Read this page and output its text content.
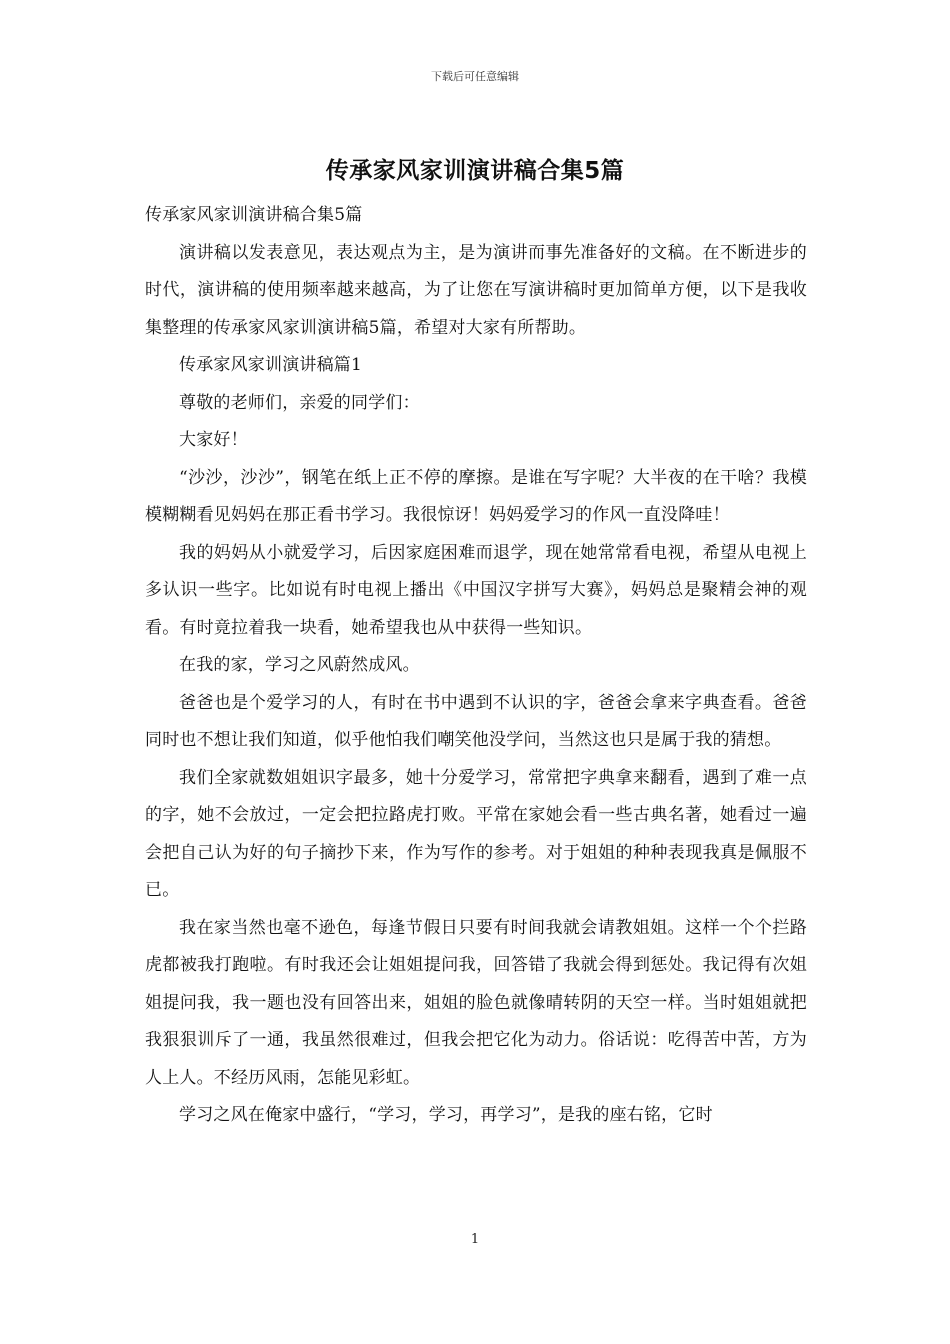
下载后可任意编辑
传承家风家训演讲稿合集5篇

传承家风家训演讲稿合集5篇

演讲稿以发表意见，表达观点为主，是为演讲而事先准备好的文稿。在不断进步的时代，演讲稿的使用频率越来越高，为了让您在写演讲稿时更加简单方便，以下是我收集整理的传承家风家训演讲稿5篇，希望对大家有所帮助。

传承家风家训演讲稿篇1

尊敬的老师们，亲爱的同学们：

大家好！

“沙沙，沙沙”，钢笔在纸上正不停的摩擦。是谁在写字呢？大半夜的在干啥？我模模糊糊看见妈妈在那正看书学习。我很惊讶！妈妈爱学习的作风一直没降哇！

我的妈妈从小就爱学习，后因家庭困难而退学，现在她常常看电视，希望从电视上多认识一些字。比如说有时电视上播出《中国汉字拼写大赛》，妈妈总是聚精会神的观看。有时竟拉着我一块看，她希望我也从中获得一些知识。

在我的家，学习之风蔚然成风。

爸爸也是个爱学习的人，有时在书中遇到不认识的字，爸爸会拿来字典查看。爸爸同时也不想让我们知道，似乎他怕我们嘲笑他没学问，当然这也只是属于我的猜想。

我们全家就数姐姐识字最多，她十分爱学习，常常把字典拿来翻看，遇到了难一点的字，她不会放过，一定会把拉路虎打败。平常在家她会看一些古典名著，她看过一遍会把自己认为好的句子摘抄下来，作为写作的参考。对于姐姐的种种表现我真是佩服不已。

我在家当然也毫不逊色，每逢节假日只要有时间我就会请教姐姐。这样一个个拦路虎都被我打跑啦。有时我还会让姐姐提问我，回答错了我就会得到惩处。我记得有次姐姐提问我，我一题也没有回答出来，姐姐的脸色就像晴转阴的天空一样。当时姐姐就把我狠狠训斥了一通，我虽然很难过，但我会把它化为动力。俗话说：吃得苦中苦，方为人上人。不经历风雨，怎能见彩虹。

学习之风在俺家中盛行，“学习，学习，再学习”，是我的座右铭，它时

1
